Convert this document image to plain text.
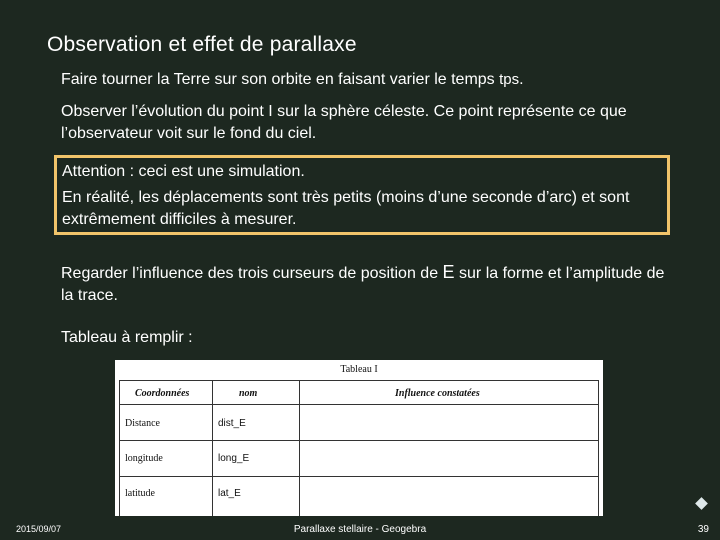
Observation et effet de parallaxe
Faire tourner la Terre sur son orbite en faisant varier le temps tps.
Observer l’évolution du point I sur la sphère céleste. Ce point représente ce que l’observateur voit sur le fond du ciel.
Attention : ceci est une simulation.
En réalité, les déplacements sont très petits (moins d’une seconde d’arc) et sont extrêmement difficiles à mesurer.
Regarder l’influence des trois curseurs de position de E sur la forme et l’amplitude de la trace.
Tableau à remplir :
Tableau I
Coordonnées	nom	Influence constatées
Distance	dist_E
longitude	long_E
latitude	lat_E
2015/09/07	Parallaxe stellaire - Geogebra	39
